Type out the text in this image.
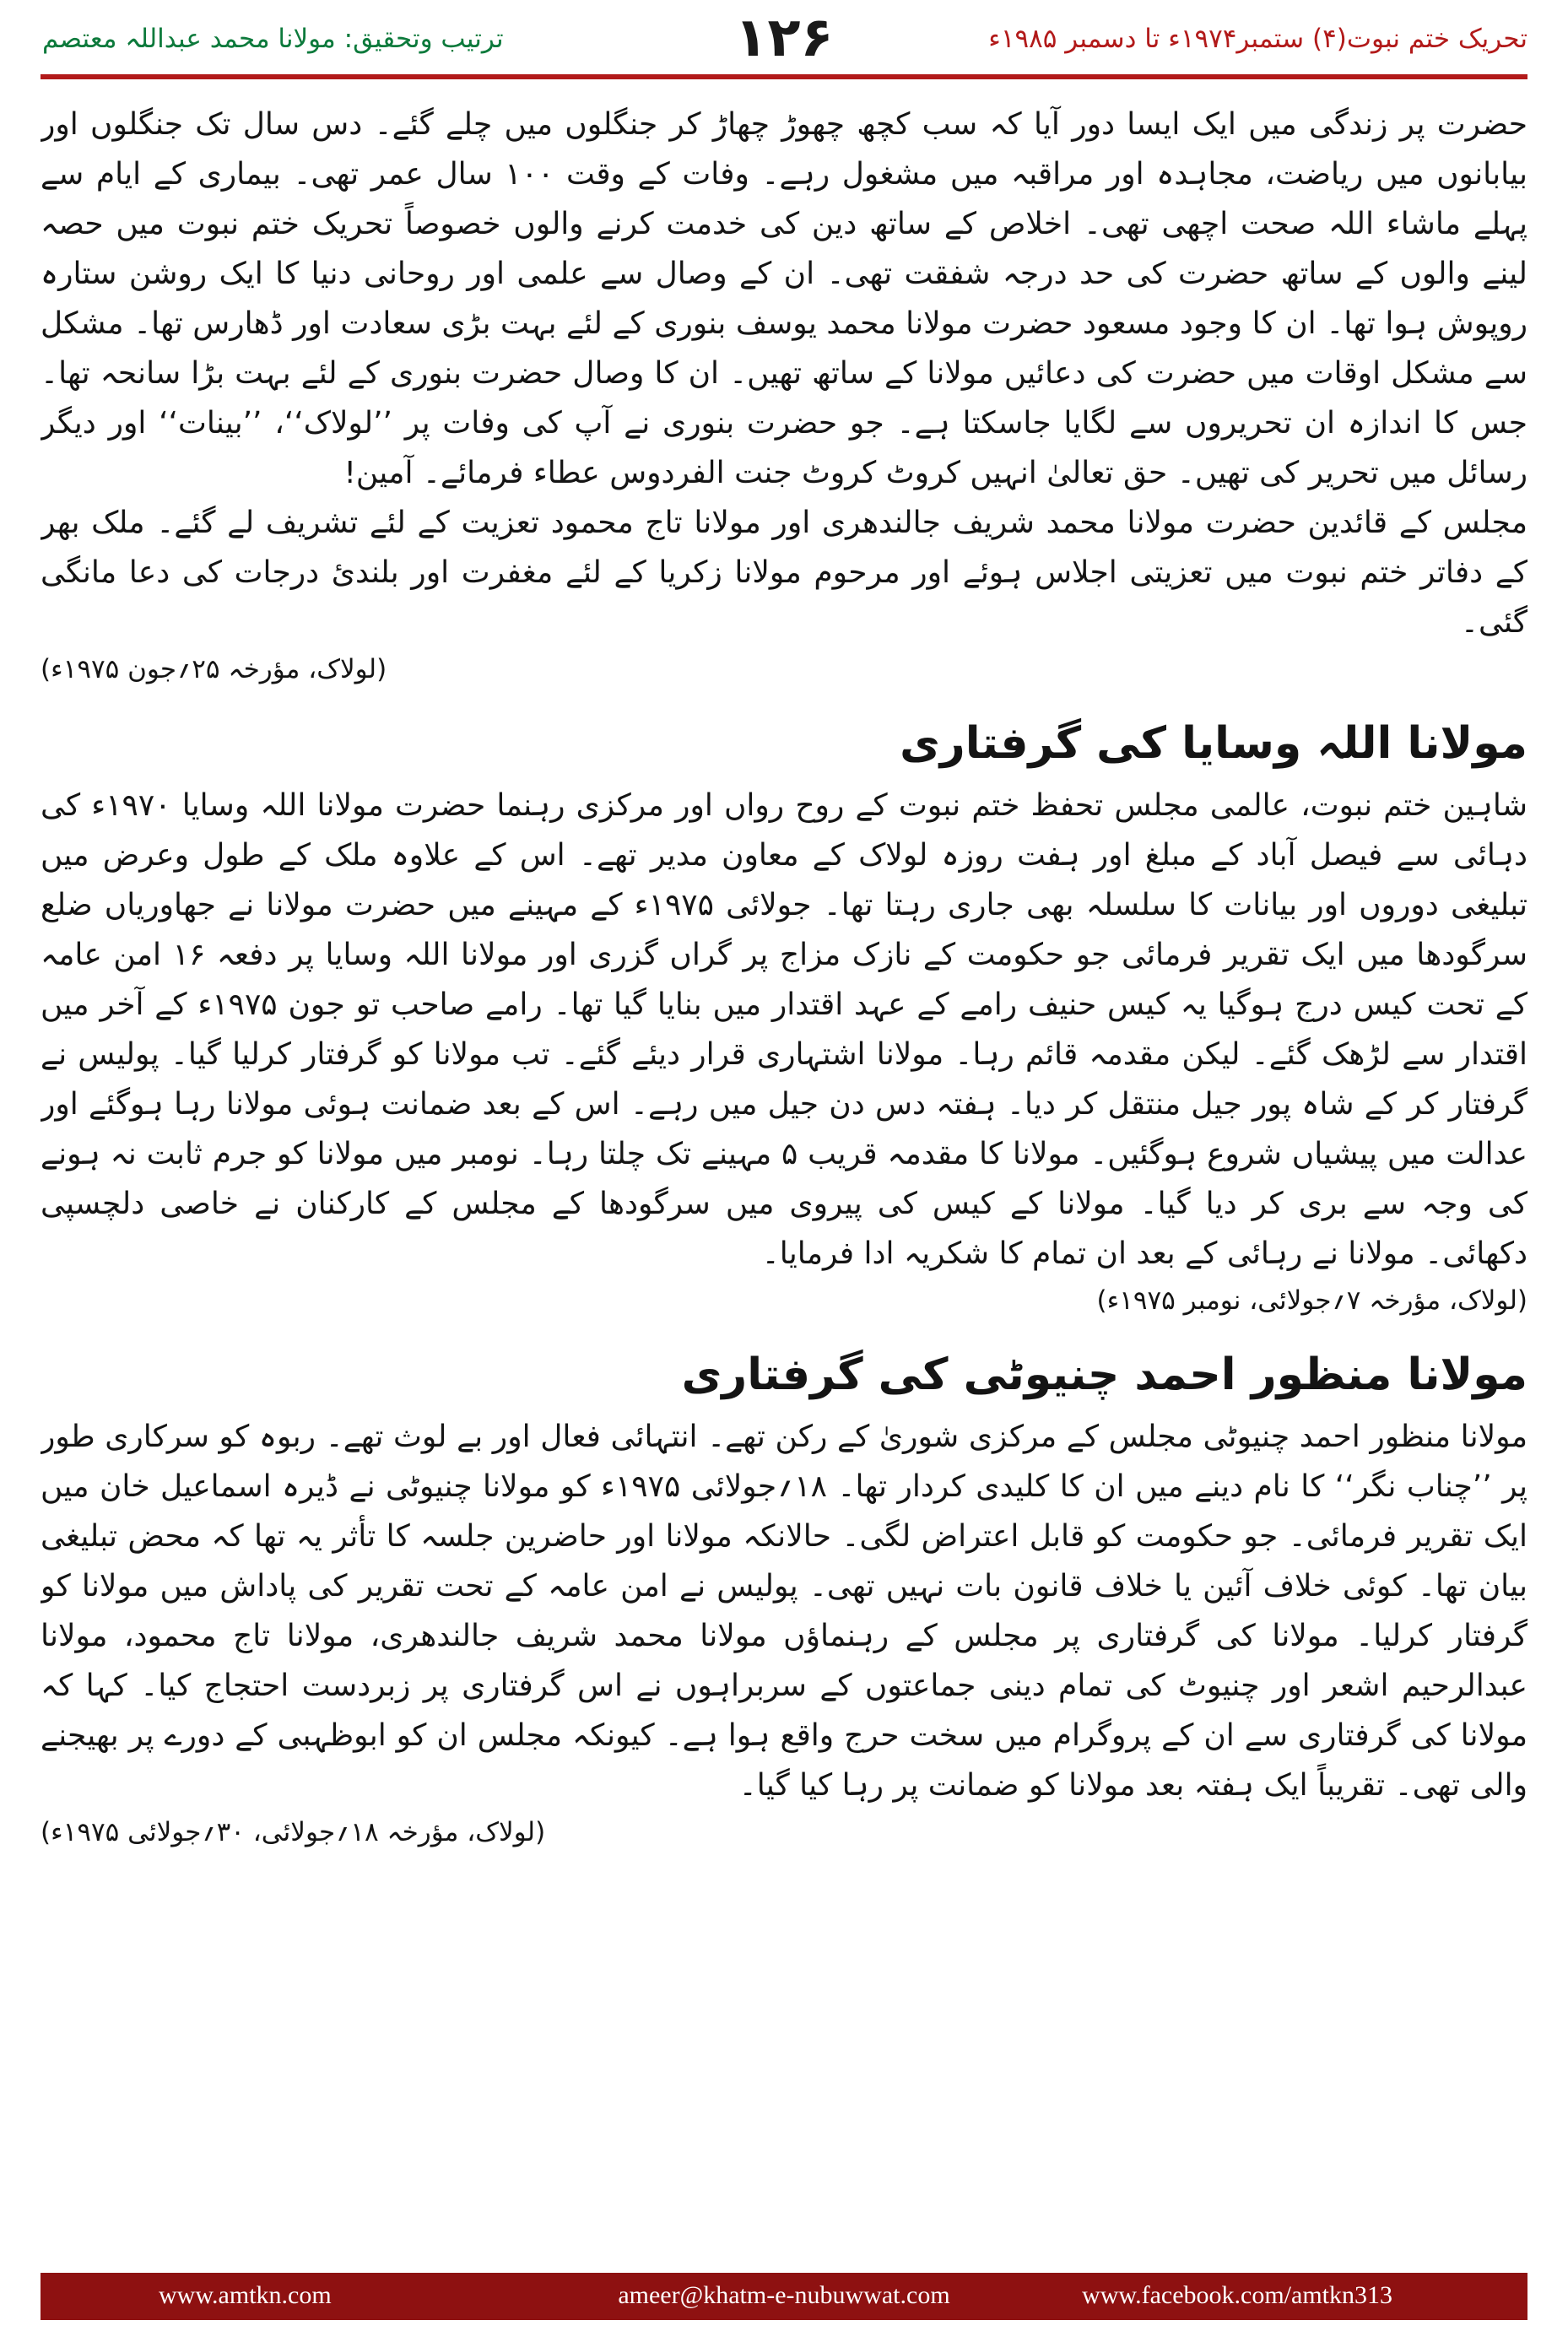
تحریک ختم نبوت(۴) ستمبر۱۹۷۴ء تا دسمبر ۱۹۸۵ء
۱۲۶
ترتیب وتحقیق: مولانا محمد عبداللہ معتصم

حضرت پر زندگی میں ایک ایسا دور آیا کہ سب کچھ چھوڑ چھاڑ کر جنگلوں میں چلے گئے۔ دس سال تک جنگلوں اور بیابانوں میں ریاضت، مجاہدہ اور مراقبہ میں مشغول رہے۔ وفات کے وقت ۱۰۰ سال عمر تھی۔ بیماری کے ایام سے پہلے ماشاء اللہ صحت اچھی تھی۔ اخلاص کے ساتھ دین کی خدمت کرنے والوں خصوصاً تحریک ختم نبوت میں حصہ لینے والوں کے ساتھ حضرت کی حد درجہ شفقت تھی۔ ان کے وصال سے علمی اور روحانی دنیا کا ایک روشن ستارہ روپوش ہوا تھا۔ ان کا وجود مسعود حضرت مولانا محمد یوسف بنوری کے لئے بہت بڑی سعادت اور ڈھارس تھا۔ مشکل سے مشکل اوقات میں حضرت کی دعائیں مولانا کے ساتھ تھیں۔ ان کا وصال حضرت بنوری کے لئے بہت بڑا سانحہ تھا۔ جس کا اندازہ ان تحریروں سے لگایا جاسکتا ہے۔ جو حضرت بنوری نے آپ کی وفات پر ’’لولاک‘‘، ’’بینات‘‘ اور دیگر رسائل میں تحریر کی تھیں۔ حق تعالیٰ انہیں کروٹ کروٹ جنت الفردوس عطاء فرمائے۔ آمین!

مجلس کے قائدین حضرت مولانا محمد شریف جالندھری اور مولانا تاج محمود تعزیت کے لئے تشریف لے گئے۔ ملک بھر کے دفاتر ختم نبوت میں تعزیتی اجلاس ہوئے اور مرحوم مولانا زکریا کے لئے مغفرت اور بلندیٔ درجات کی دعا مانگی گئی۔

(لولاک، مؤرخہ ۲۵؍جون ۱۹۷۵ء)
مولانا اللہ وسایا کی گرفتاری

شاہین ختم نبوت، عالمی مجلس تحفظ ختم نبوت کے روح رواں اور مرکزی رہنما حضرت مولانا اللہ وسایا ۱۹۷۰ء کی دہائی سے فیصل آباد کے مبلغ اور ہفت روزہ لولاک کے معاون مدیر تھے۔ اس کے علاوہ ملک کے طول وعرض میں تبلیغی دوروں اور بیانات کا سلسلہ بھی جاری رہتا تھا۔ جولائی ۱۹۷۵ء کے مہینے میں حضرت مولانا نے جھاوریاں ضلع سرگودھا میں ایک تقریر فرمائی جو حکومت کے نازک مزاج پر گراں گزری اور مولانا اللہ وسایا پر دفعہ ۱۶ امن عامہ کے تحت کیس درج ہوگیا یہ کیس حنیف رامے کے عہد اقتدار میں بنایا گیا تھا۔ رامے صاحب تو جون ۱۹۷۵ء کے آخر میں اقتدار سے لڑھک گئے۔ لیکن مقدمہ قائم رہا۔ مولانا اشتہاری قرار دیئے گئے۔ تب مولانا کو گرفتار کرلیا گیا۔ پولیس نے گرفتار کر کے شاہ پور جیل منتقل کر دیا۔ ہفتہ دس دن جیل میں رہے۔ اس کے بعد ضمانت ہوئی مولانا رہا ہوگئے اور عدالت میں پیشیاں شروع ہوگئیں۔ مولانا کا مقدمہ قریب ۵ مہینے تک چلتا رہا۔ نومبر میں مولانا کو جرم ثابت نہ ہونے کی وجہ سے بری کر دیا گیا۔ مولانا کے کیس کی پیروی میں سرگودھا کے مجلس کے کارکنان نے خاصی دلچسپی دکھائی۔ مولانا نے رہائی کے بعد ان تمام کا شکریہ ادا فرمایا۔

(لولاک، مؤرخہ ۷؍جولائی، نومبر ۱۹۷۵ء)
مولانا منظور احمد چنیوٹی کی گرفتاری

مولانا منظور احمد چنیوٹی مجلس کے مرکزی شوریٰ کے رکن تھے۔ انتہائی فعال اور بے لوث تھے۔ ربوہ کو سرکاری طور پر ’’چناب نگر‘‘ کا نام دینے میں ان کا کلیدی کردار تھا۔ ۱۸؍جولائی ۱۹۷۵ء کو مولانا چنیوٹی نے ڈیرہ اسماعیل خان میں ایک تقریر فرمائی۔ جو حکومت کو قابل اعتراض لگی۔ حالانکہ مولانا اور حاضرین جلسہ کا تأثر یہ تھا کہ محض تبلیغی بیان تھا۔ کوئی خلاف آئین یا خلاف قانون بات نہیں تھی۔ پولیس نے امن عامہ کے تحت تقریر کی پاداش میں مولانا کو گرفتار کرلیا۔ مولانا کی گرفتاری پر مجلس کے رہنماؤں مولانا محمد شریف جالندھری، مولانا تاج محمود، مولانا عبدالرحیم اشعر اور چنیوٹ کی تمام دینی جماعتوں کے سربراہوں نے اس گرفتاری پر زبردست احتجاج کیا۔ کہا کہ مولانا کی گرفتاری سے ان کے پروگرام میں سخت حرج واقع ہوا ہے۔ کیونکہ مجلس ان کو ابوظہبی کے دورے پر بھیجنے والی تھی۔ تقریباً ایک ہفتہ بعد مولانا کو ضمانت پر رہا کیا گیا۔

(لولاک، مؤرخہ ۱۸؍جولائی، ۳۰؍جولائی ۱۹۷۵ء)
www.amtkn.com	ameer@khatm-e-nubuwwat.com	www.facebook.com/amtkn313
